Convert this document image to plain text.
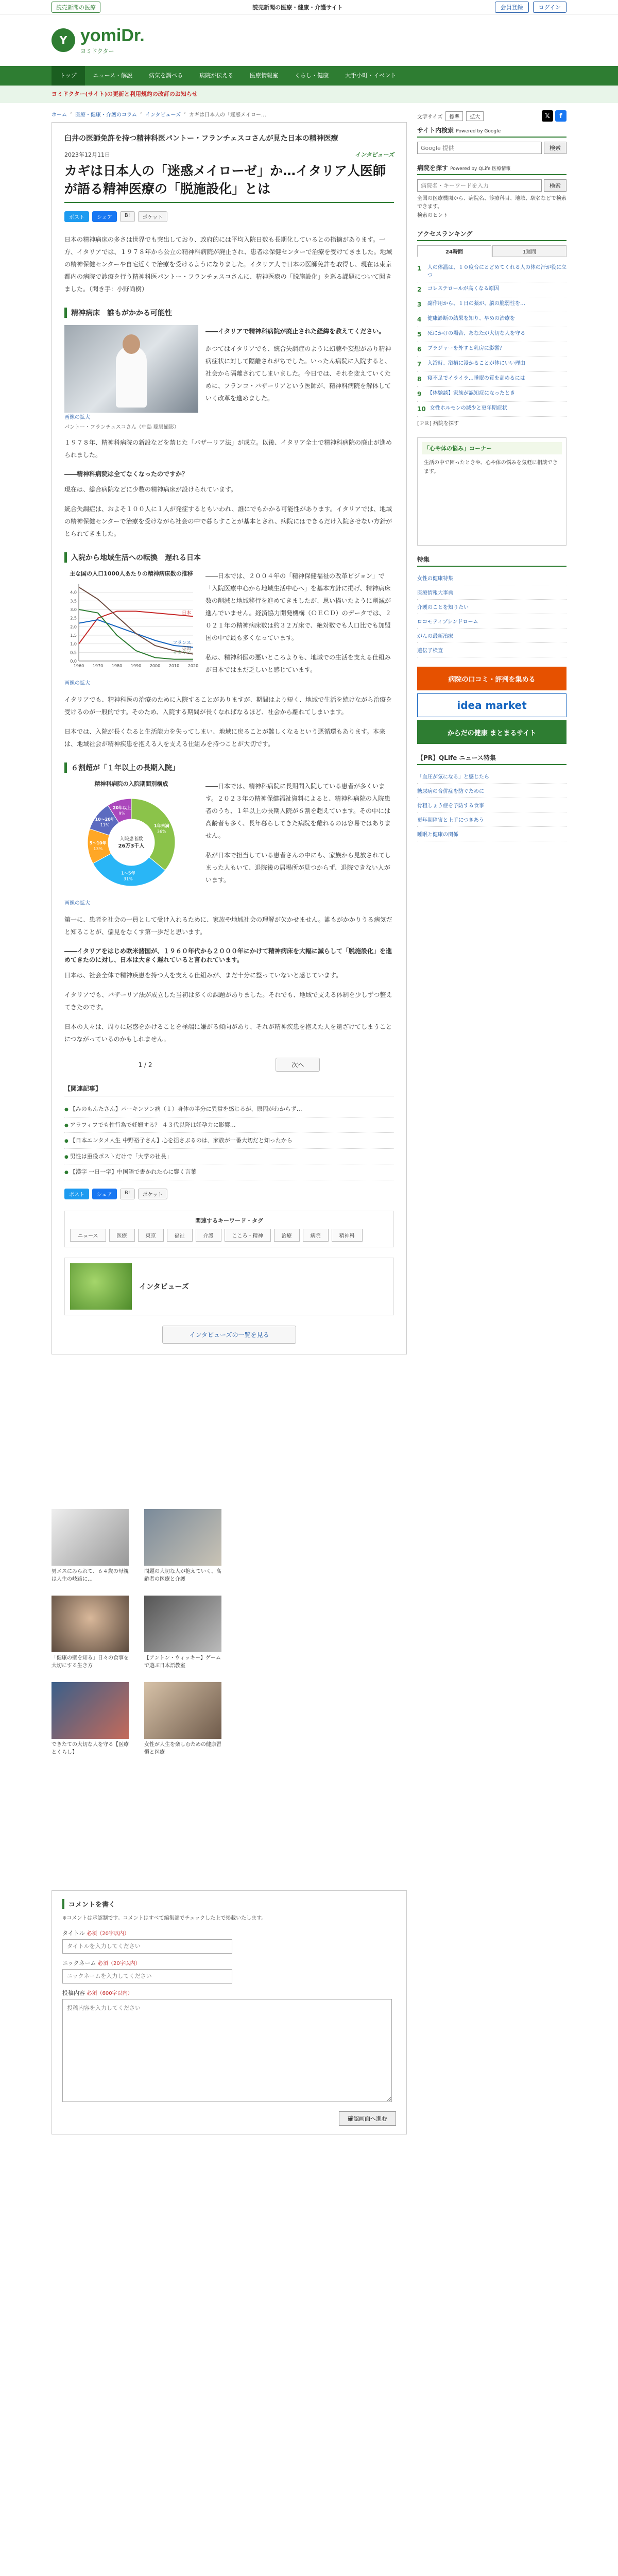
読売新聞の医療	読売新聞の医療・健康・介護サイト	会員登録	ログイン
Y yomiDr.
ヨミドクター
トップ	ニュース・解説	病気を調べる	病院が伝える	医療情報室	くらし・健康	大手小町・イベント
ヨミドクター(サイト)の更新と利用規約の改訂のお知らせ
ホーム › 医療・健康・介護のコラム › インタビューズ › カギは日本人の「迷惑メイロー…
臼井の医師免許を持つ精神科医パントー・フランチェスコさんが見た日本の精神医療
2023年12月11日	インタビューズ
カギは日本人の「迷惑メイローゼ」か…イタリア人医師が語る精神医療の「脱施設化」とは
ポスト	シェア	B!	ポケット

日本の精神病床の多さは世界でも突出しており、政府的には平均入院日数も長期化しているとの指摘があります。一方、イタリアでは、１９７８年から公立の精神科病院が廃止され、患者は保健センターで治療を受けてきました。地域の精神保健センターや自宅近くで治療を受けるようになりました。イタリア人で日本の医師免許を取得し、現在は東京都内の病院で診療を行う精神科医パントー・フランチェスコさんに、精神医療の「脱施設化」を巡る課題について聞きました。（聞き手：小野尚樹）

精神病床　誰もがかかる可能性
画像の拡大
パントー・フランチェスコさん（中島 聡男撮影）
――イタリアで精神科病院が廃止された経緯を教えてください。
かつてはイタリアでも、統合失調症のように幻聴や妄想があり精神病症状に対して隔離されがちでした。いったん病院に入院すると、社会から隔離されてしまいました。今日では、それを変えていくために、フランコ・バザーリアという医師が、精神科病院を解体していく改革を進めました。

１９７８年、精神科病院の新設などを禁じた「バザーリア法」が成立。以後、イタリア全土で精神科病院の廃止が進められました。

――精神科病院は全てなくなったのですか？

現在は、総合病院などに少数の精神病床が設けられています。

統合失調症は、およそ１００人に１人が発症するともいわれ、誰にでもかかる可能性があります。イタリアでは、地域の精神保健センターで治療を受けながら社会の中で暮らすことが基本とされ、病院にはできるだけ入院させない方針がとられてきました。

入院から地域生活への転換　遅れる日本
主な国の人口1000人あたりの精神病床数の推移
0.0
0.5
1.0
1.5
2.0
2.5
3.0
3.5
4.0
1960 1970 1980 1990 2000 2010 2020
日本
フランス
英国
イタリア
画像の拡大

――日本では、２００４年の「精神保健福祉の改革ビジョン」で「入院医療中心から地域生活中心へ」を基本方針に掲げ、精神病床数の削減と地域移行を進めてきましたが、思い描いたように削減が進んでいません。経済協力開発機構（ＯＥＣＤ）のデータでは、２０２１年の精神病床数は約３２万床で、絶対数でも人口比でも加盟国の中で最も多くなっています。

私は、精神科医の悪いところよりも、地域での生活を支える仕組みが日本ではまだ乏しいと感じています。

イタリアでも、精神科医の治療のために入院することがありますが、期間はより短く、地域で生活を続けながら治療を受けるのが一般的です。そのため、入院する期間が長くなればなるほど、社会から離れてしまいます。

日本では、入院が長くなると生活能力を失ってしまい、地域に戻ることが難しくなるという悪循環もあります。本来は、地域社会が精神疾患を抱える人を支える仕組みを持つことが大切です。

６割超が「１年以上の長期入院」
精神科病院の入院期間別構成
1年未満
36%
1〜5年
31%
5〜10年
13%
10〜20年
11%
20年以上
9%
入院患者数
26万3千人
画像の拡大

――日本では、精神科病院に長期間入院している患者が多くいます。２０２３年の精神保健福祉資料によると、精神科病院の入院患者のうち、１年以上の長期入院が６割を超えています。その中には高齢者も多く、長年暮らしてきた病院を離れるのは容易ではありません。

私が日本で担当している患者さんの中にも、家族から見放されてしまった人もいて、退院後の居場所が見つからず、退院できない人がいます。

第一に、患者を社会の一員として受け入れるために、家族や地域社会の理解が欠かせません。誰もがかかりうる病気だと知ることが、偏見をなくす第一歩だと思います。

――イタリアをはじめ欧米諸国が、１９６０年代から２０００年にかけて精神病床を大幅に減らして「脱施設化」を進めてきたのに対し、日本は大きく遅れていると言われています。

日本は、社会全体で精神疾患を持つ人を支える仕組みが、まだ十分に整っていないと感じています。

イタリアでも、バザーリア法が成立した当初は多くの課題がありました。それでも、地域で支える体制を少しずつ整えてきたのです。

日本の人々は、周りに迷惑をかけることを極端に嫌がる傾向があり、それが精神疾患を抱えた人を遠ざけてしまうことにつながっているのかもしれません。

1 / 2	次へ
【関連記事】
● 【みのもんたさん】パーキンソン病（１）身体の半分に異常を感じるが、原因がわからず…
● アラフィフでも性行為で妊娠する？ ４３代以降は妊孕力に影響…
● 【日本エンタメ人生 中野裕子さん】心を揺さぶるのは、家族が一番大切だと知ったから
● 男性は重役ポストだけで「大学の社長」
● 【漢字 一日一字】中国語で書かれた心に響く言葉
ポスト	シェア	B!	ポケット
関連するキーワード・タグ
ニュース	医療	東京	福祉	介護	こころ・精神	治療	病院	精神科
インタビューズ
インタビューズの一覧を見る
文字サイズ	標準	拡大	𝕏	f
サイト内検索 Powered by Google
Google 提供
検索
病院を探す Powered by QLife 医療情報
病院名・キーワードを入力
検索
全国の医療機関から、病院名、診療科目、地域、駅名などで検索できます。
検索のヒント
アクセスランキング
24時間	1週間
1	人の体温は、１０度台にとどめてくれる人の体の汗が役に立つ
2	コレステロールが高くなる原因
3	副作用から、１日の薬が、脳の脆弱性を…
4	健康診断の結果を知り、早めの治療を
5	死にかけの場合、あなたが大切な人を守る
6	ブラジャーを外すと乳房に影響？
7	入浴時、浴槽に浸かることが体にいい理由
8	寝不足でイライラ…睡眠の質を高めるには
9	【体験談】家族が認知症になったとき
10 女性ホルモンの減少と更年期症状
[ＰＲ] 病院を探す
「心や体の悩み」コーナー
生活の中で困ったときや、心や体の悩みを気軽に相談できます。
特集
女性の健康特集
医療情報大事典
介護のことを知りたい
ロコモティブシンドローム
がんの最新治療
遺伝子検査
病院の口コミ・評判を集める
idea market
からだの健康 まとまるサイト
【PR】QLife ニュース特集
「血圧が気になる」と感じたら
糖尿病の合併症を防ぐために
骨粗しょう症を予防する食事
更年期障害と上手につきあう
睡眠と健康の関係
男メスにみられて、６４歳の母親は人生の岐路に…
問題の大切な人が抱えていく、高齢者の医療と介護
「健康の壁を知る」日々の食事を大切にする生き方
【アントン・ウィッキー】ゲームで遊ぶ日本語教室
できたての大切な人を守る【医療とくらし】
女性が人生を楽しむための健康習慣と医療
コメントを書く
※コメントは承認制です。コメントはすべて編集部でチェックした上で掲載いたします。
タイトル 必須（20字以内）
タイトルを入力してください
ニックネーム 必須（20字以内）
ニックネームを入力してください
投稿内容 必須（600字以内）
投稿内容を入力してください
確認画面へ進む
